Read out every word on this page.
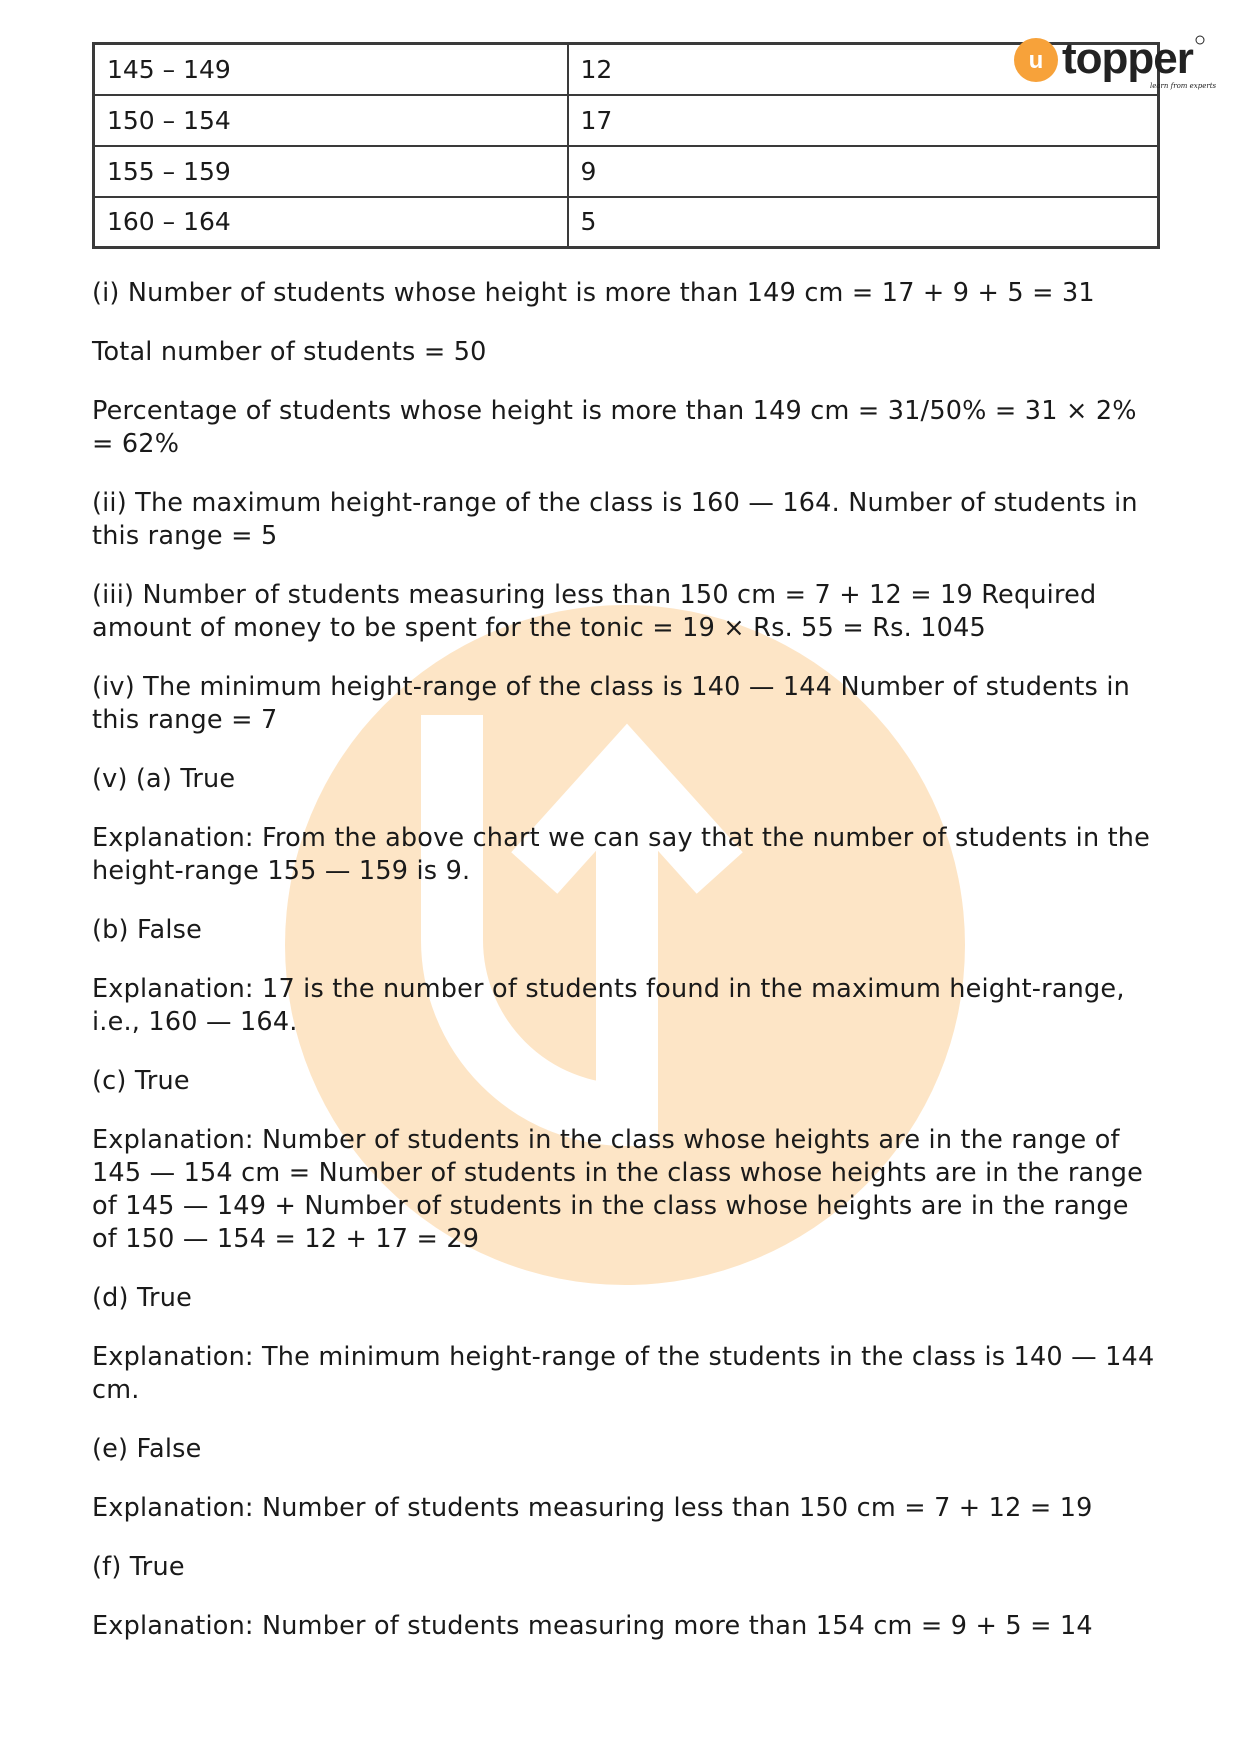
u topper
learn from experts
145 – 149	12
150 – 154	17
155 – 159	9
160 – 164	5

(i) Number of students whose height is more than 149 cm = 17 + 9 + 5 = 31

Total number of students = 50

Percentage of students whose height is more than 149 cm = 31/50% = 31 × 2% = 62%

(ii) The maximum height-range of the class is 160 — 164. Number of students in this range = 5

(iii) Number of students measuring less than 150 cm = 7 + 12 = 19 Required amount of money to be spent for the tonic = 19 × Rs. 55 = Rs. 1045

(iv) The minimum height-range of the class is 140 — 144 Number of students in this range = 7

(v) (a) True

Explanation: From the above chart we can say that the number of students in the height-range 155 — 159 is 9.

(b) False

Explanation: 17 is the number of students found in the maximum height-range, i.e., 160 — 164.

(c) True

Explanation: Number of students in the class whose heights are in the range of 145 — 154 cm = Number of students in the class whose heights are in the range of 145 — 149 + Number of students in the class whose heights are in the range of 150 — 154 = 12 + 17 = 29

(d) True

Explanation: The minimum height-range of the students in the class is 140 — 144 cm.

(e) False

Explanation: Number of students measuring less than 150 cm = 7 + 12 = 19

(f) True

Explanation: Number of students measuring more than 154 cm = 9 + 5 = 14
